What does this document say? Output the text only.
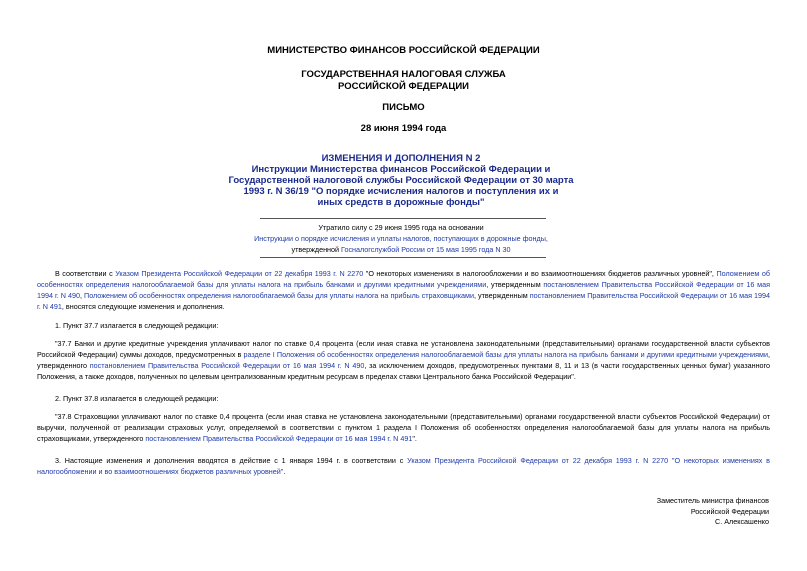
МИНИСТЕРСТВО ФИНАНСОВ РОССИЙСКОЙ ФЕДЕРАЦИИ
ГОСУДАРСТВЕННАЯ НАЛОГОВАЯ СЛУЖБА
РОССИЙСКОЙ ФЕДЕРАЦИИ
ПИСЬМО
28 июня 1994 года
ИЗМЕНЕНИЯ И ДОПОЛНЕНИЯ N 2
Инструкции Министерства финансов Российской Федерации и
Государственной налоговой службы Российской Федерации от 30 марта
1993 г. N 36/19 "О порядке исчисления налогов и поступления их и
иных средств в дорожные фонды"
Утратило силу с 29 июня 1995 года на основании
Инструкции о порядке исчисления и уплаты налогов, поступающих в дорожные фонды,
утвержденной Госналогслужбой России от 15 мая 1995 года N 30
В соответствии с Указом Президента Российской Федерации от 22 декабря 1993 г. N 2270 "О некоторых изменениях в налогообложении и во взаимоотношениях бюджетов различных уровней", Положением об особенностях определения налогооблагаемой базы для уплаты налога на прибыль банками и другими кредитными учреждениями, утвержденным постановлением Правительства Российской Федерации от 16 мая 1994 г. N 490, Положением об особенностях определения налогооблагаемой базы для уплаты налога на прибыль страховщиками, утвержденным постановлением Правительства Российской Федерации от 16 мая 1994 г. N 491, вносятся следующие изменения и дополнения.
1. Пункт 37.7 излагается в следующей редакции:
"37.7 Банки и другие кредитные учреждения уплачивают налог по ставке 0,4 процента (если иная ставка не установлена законодательными (представительными) органами государственной власти субъектов Российской Федерации) суммы доходов, предусмотренных в разделе I Положения об особенностях определения налогооблагаемой базы для уплаты налога на прибыль банками и другими кредитными учреждениями, утвержденного постановлением Правительства Российской Федерации от 16 мая 1994 г. N 490, за исключением доходов, предусмотренных пунктами 8, 11 и 13 (в части государственных ценных бумаг) указанного Положения, а также доходов, полученных по целевым централизованным кредитным ресурсам в пределах ставки Центрального банка Российской Федерации".
2. Пункт 37.8 излагается в следующей редакции:
"37.8 Страховщики уплачивают налог по ставке 0,4 процента (если иная ставка не установлена законодательными (представительными) органами государственной власти субъектов Российской Федерации) от выручки, полученной от реализации страховых услуг, определяемой в соответствии с пунктом 1 раздела I Положения об особенностях определения налогооблагаемой базы для уплаты налога на прибыль страховщиками, утвержденного постановлением Правительства Российской Федерации от 16 мая 1994 г. N 491".
3. Настоящие изменения и дополнения вводятся в действие с 1 января 1994 г. в соответствии с Указом Президента Российской Федерации от 22 декабря 1993 г. N 2270 "О некоторых изменениях в налогообложении и во взаимоотношениях бюджетов различных уровней".
Заместитель министра финансов
Российской Федерации
С. Алексашенко
